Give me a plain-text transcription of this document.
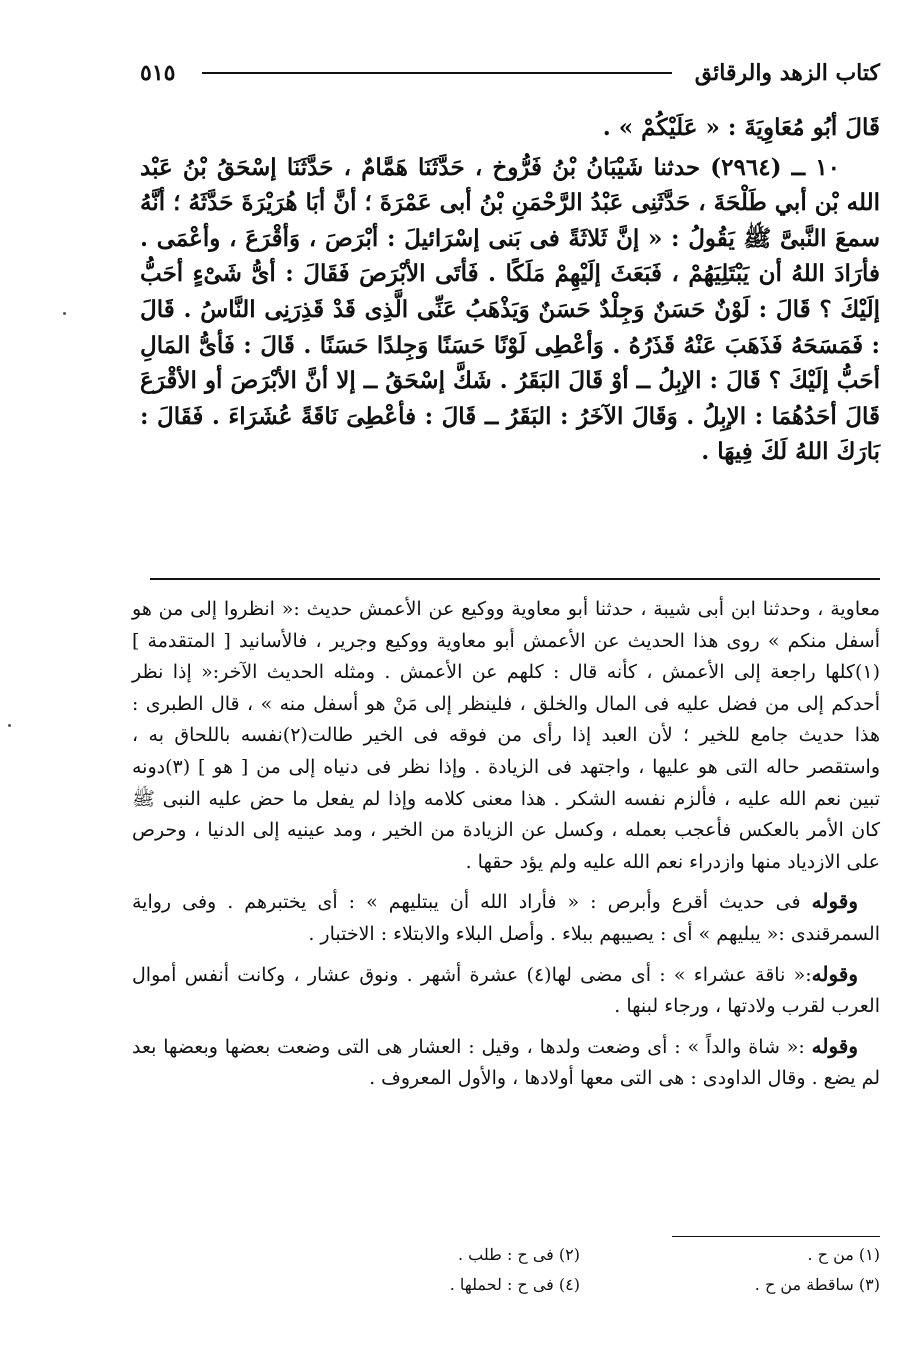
كتاب الزهد والرقائق
٥١٥

قَالَ أبُو مُعَاوِيَةَ : « عَلَيْكُمْ » .

١٠ ــ (٢٩٦٤) حدثنا شَيْبَانُ بْنُ فَرُّوخ ، حَدَّثَنَا هَمَّامٌ ، حَدَّثَنَا إسْحَقُ بْنُ عَبْد الله بْن أبي طَلْحَةَ ، حَدَّثَنِى عَبْدُ الرَّحْمَنِ بْنُ أبى عَمْرَةَ ؛ أنَّ أبَا هُرَيْرَةَ حَدَّثَهُ ؛ أنَّهُ سمعَ النَّبىَّ ﷺ يَقُولُ : « إنَّ ثَلاثَةً فى بَنى إسْرَائيلَ : أبْرَصَ ، وَأقْرَعَ ، وأعْمَى . فأرَادَ اللهُ أن يَبْتَلِيَهُمْ ، فَبَعَثَ إلَيْهِمْ مَلَكًا . فَأتَى الأبْرَصَ فَقَالَ : أىُّ شَىْءٍ أحَبُّ إلَيْكَ ؟ قَالَ : لَوْنٌ حَسَنٌ وَجِلْدٌ حَسَنٌ وَيَذْهَبُ عَنِّى الَّذِى قَدْ قَذِرَنِى النَّاسُ . قَالَ : فَمَسَحَهُ فَذَهَبَ عَنْهُ قَذَرُهُ . وَأعْطِى لَوْنًا حَسَنًا وَجِلدًا حَسَنًا . قَالَ : فَأىُّ المَالِ أحَبُّ إلَيْكَ ؟ قَالَ : الإبِلُ ــ أوْ قَالَ البَقَرُ . شَكَّ إسْحَقُ ــ إلا أنَّ الأبْرَصَ أو الأقْرَعَ قَالَ أحَدُهُمَا : الإبِلُ . وَقَالَ الآخَرُ : البَقَرُ ــ قَالَ : فأعْطِىَ نَاقَةً عُشَرَاءَ . فَقَالَ : بَارَكَ اللهُ لَكَ فِيهَا .

معاوية ، وحدثنا ابن أبى شيبة ، حدثنا أبو معاوية ووكيع عن الأعمش حديث :« انظروا إلى من هو أسفل منكم » روى هذا الحديث عن الأعمش أبو معاوية ووكيع وجرير ، فالأسانيد [ المتقدمة ](١)كلها راجعة إلى الأعمش ، كأنه قال : كلهم عن الأعمش . ومثله الحديث الآخر:« إذا نظر أحدكم إلى من فضل عليه فى المال والخلق ، فلينظر إلى مَنْ هو أسفل منه » ، قال الطبرى : هذا حديث جامع للخير ؛ لأن العبد إذا رأى من فوقه فى الخير طالت(٢)نفسه باللحاق به ، واستقصر حاله التى هو عليها ، واجتهد فى الزيادة . وإذا نظر فى دنياه إلى من [ هو ] (٣)دونه تبين نعم الله عليه ، فألزم نفسه الشكر . هذا معنى كلامه وإذا لم يفعل ما حض عليه النبى ﷺ كان الأمر بالعكس فأعجب بعمله ، وكسل عن الزيادة من الخير ، ومد عينيه إلى الدنيا ، وحرص على الازدياد منها وازدراء نعم الله عليه ولم يؤد حقها .

وقوله فى حديث أقرع وأبرص : « فأراد الله أن يبتليهم » : أى يختبرهم . وفى رواية السمرقندى :« يبليهم » أى : يصيبهم ببلاء . وأصل البلاء والابتلاء : الاختبار .

وقوله:« ناقة عشراء » : أى مضى لها(٤) عشرة أشهر . ونوق عشار ، وكانت أنفس أموال العرب لقرب ولادتها ، ورجاء لبنها .

وقوله :« شاة والداً » : أى وضعت ولدها ، وقيل : العشار هى التى وضعت بعضها وبعضها بعد لم يضع . وقال الداودى : هى التى معها أولادها ، والأول المعروف .

(١) من ح .
(٢) فى ح : طلب .
(٣) ساقطة من ح .
(٤) فى ح : لحملها .
